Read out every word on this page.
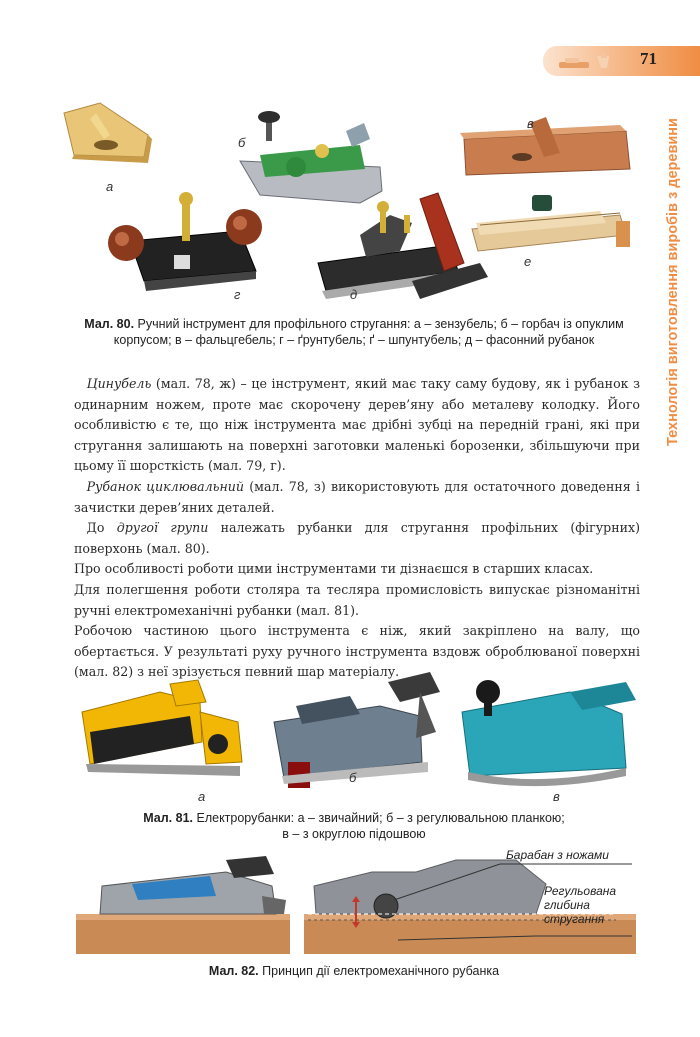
71
Технологія виготовлення виробів з деревини
а
б
в
г	д
е
Мал. 80. Ручний інструмент для профільного стругання: а – зензубель; б – горбач із опуклим корпусом; в – фальцгебель; г – ґрунтубель; ґ – шпунтубель; д – фасонний рубанок

 Цинубель (мал. 78, ж) – це інструмент, який має таку саму будову, як і рубанок з одинарним ножем, проте має скорочену дерев’яну або металеву колодку. Його особливістю є те, що ніж інструмента має дрібні зубці на передній грані, які при стругання залишають на поверхні заготовки маленькі борозенки, збільшуючи при цьому її шорсткість (мал. 79, г).

 Рубанок циклювальний (мал. 78, з) використовують для остаточного доведення і зачистки дерев’яних деталей.

 До другої групи належать рубанки для стругання профільних (фігурних) поверхонь (мал. 80).

Про особливості роботи цими інструментами ти дізнаєшся в старших класах.

Для полегшення роботи столяра та тесляра промисловість випускає різноманітні ручні електромеханічні рубанки (мал. 81).

Робочою частиною цього інструмента є ніж, який закріплено на валу, що обертається. У результаті руху ручного інструмента вздовж оброблюваної поверхні (мал. 82) з неї зрізується певний шар матеріалу.

а
б
в
Мал. 81. Електрорубанки: а – звичайний; б – з регулювальною планкою;
в – з округлою підошвою
Барабан з ножами
Регульована
глибина
стругання
Мал. 82. Принцип дії електромеханічного рубанка
